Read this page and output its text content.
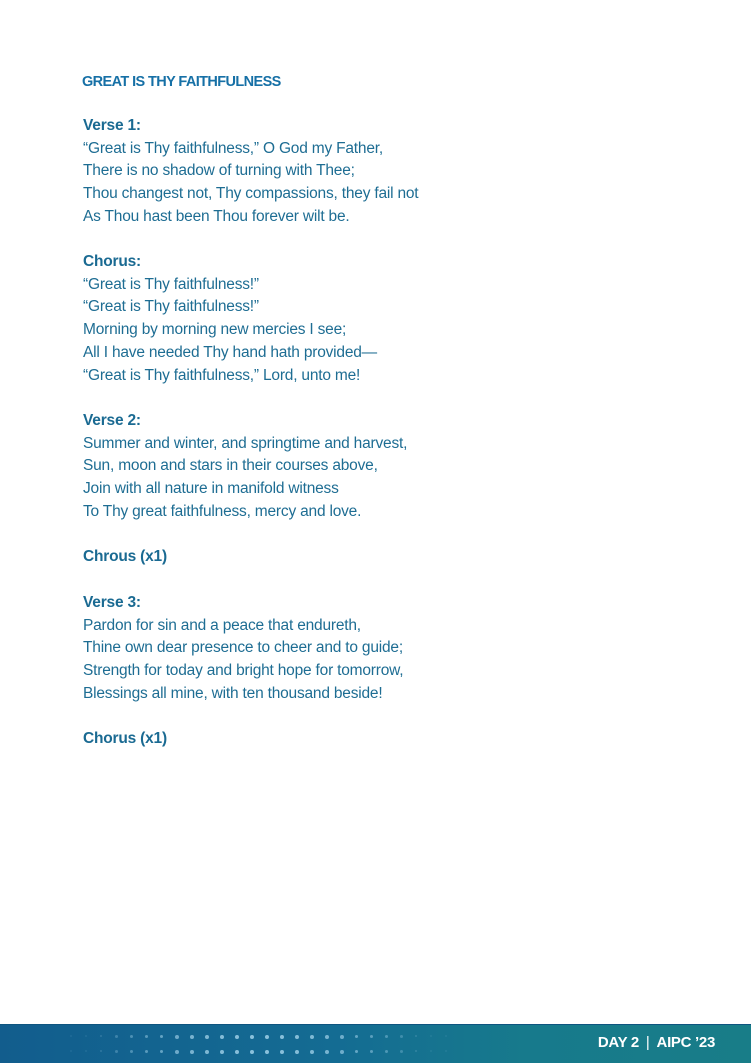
GREAT IS THY FAITHFULNESS
Verse 1:
“Great is Thy faithfulness,” O God my Father,
There is no shadow of turning with Thee;
Thou changest not, Thy compassions, they fail not
As Thou hast been Thou forever wilt be.
Chorus:
“Great is Thy faithfulness!”
“Great is Thy faithfulness!”
Morning by morning new mercies I see;
All I have needed Thy hand hath provided—
“Great is Thy faithfulness,” Lord, unto me!
Verse 2:
Summer and winter, and springtime and harvest,
Sun, moon and stars in their courses above,
Join with all nature in manifold witness
To Thy great faithfulness, mercy and love.
Chrous (x1)
Verse 3:
Pardon for sin and a peace that endureth,
Thine own dear presence to cheer and to guide;
Strength for today and bright hope for tomorrow,
Blessings all mine, with ten thousand beside!
Chorus (x1)
DAY 2 | AIPC ’23
